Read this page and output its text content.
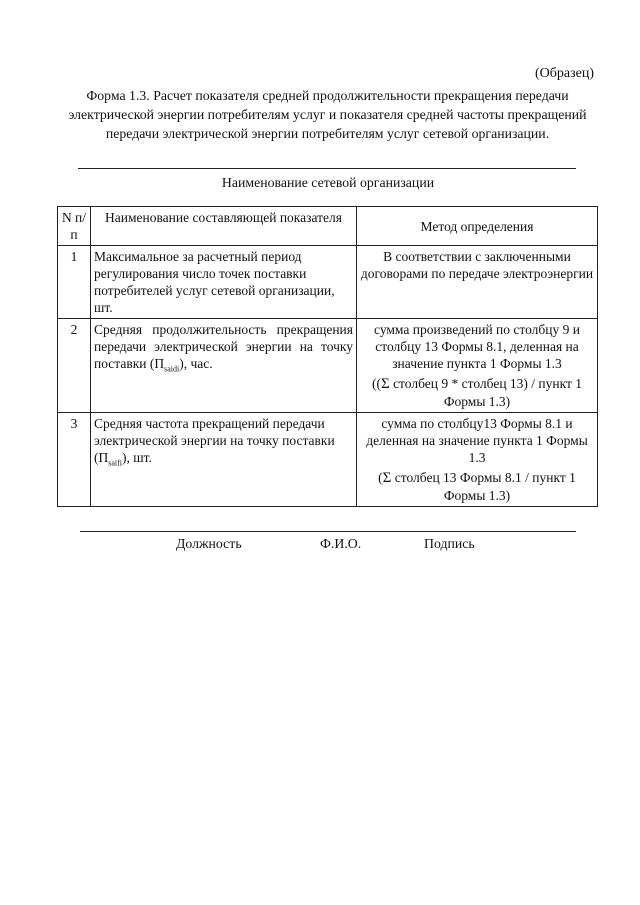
(Образец)
Форма 1.3. Расчет показателя средней продолжительности прекращения передачи электрической энергии потребителям услуг и показателя средней частоты прекращений передачи электрической энергии потребителям услуг сетевой организации.
Наименование сетевой организации
N п/п	Наименование составляющей показателя	Метод определения
1	Максимальное за расчетный период регулирования число точек поставки потребителей услуг сетевой организации, шт.	В соответствии с заключенными договорами по передаче электроэнергии
2	Средняя продолжительность прекращения передачи электрической энергии на точку поставки $(П_{saidi})$, час.	сумма произведений по столбцу 9 и столбцу 13 Формы 8.1, деленная на значение пункта 1 Формы 1.3
((Σ столбец 9 * столбец 13) / пункт 1 Формы 1.3)

3	Средняя частота прекращений передачи электрической энергии на точку поставки $(П_{saifi})$, шт.	сумма по столбцу13 Формы 8.1 и деленная на значение пункта 1 Формы 1.3
(Σ столбец 13 Формы 8.1 / пункт 1 Формы 1.3)
Должность	Ф.И.О.	Подпись
